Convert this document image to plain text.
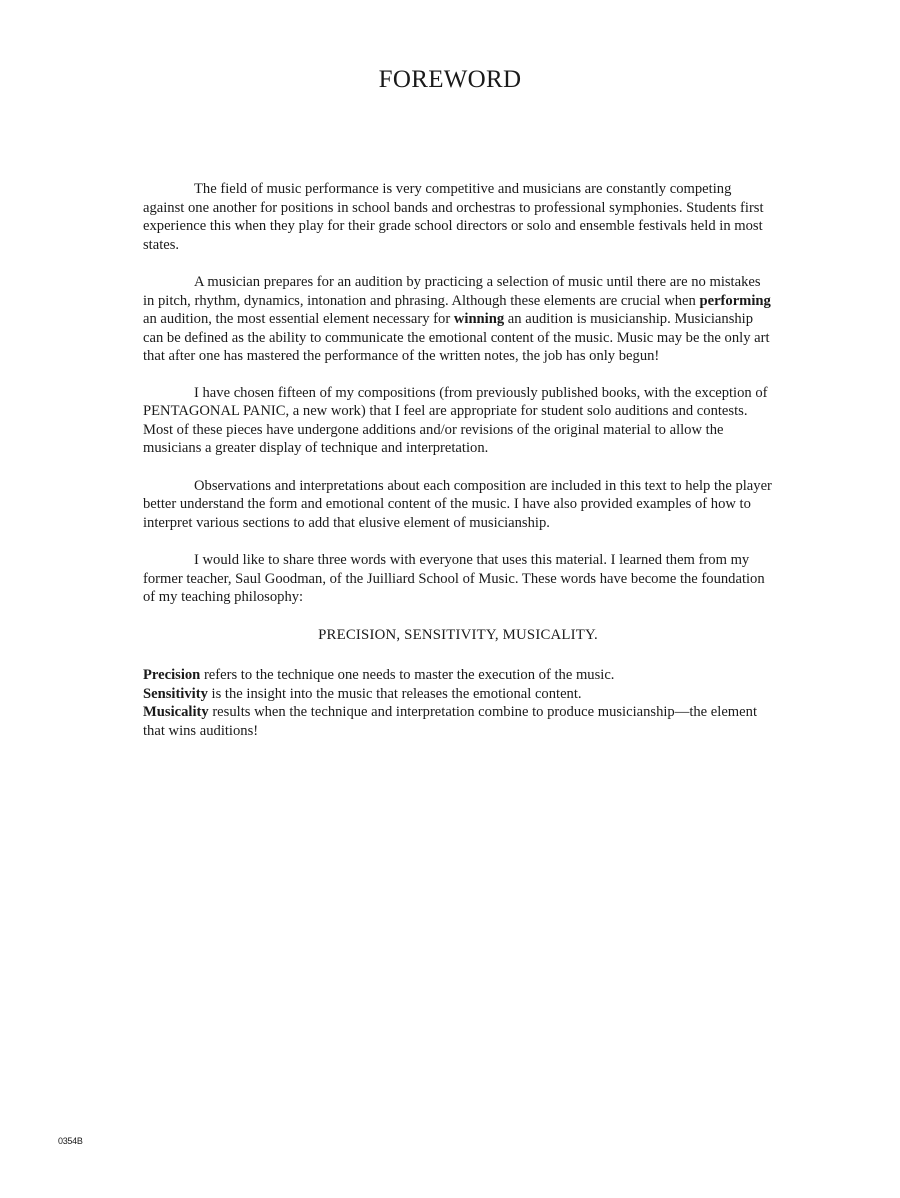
FOREWORD

The field of music performance is very competitive and musicians are constantly competing against one another for positions in school bands and orchestras to professional symphonies. Students first experience this when they play for their grade school directors or solo and ensemble festivals held in most states.

A musician prepares for an audition by practicing a selection of music until there are no mistakes in pitch, rhythm, dynamics, intonation and phrasing. Although these elements are crucial when performing an audition, the most essential element necessary for winning an audition is musicianship. Musicianship can be defined as the ability to communicate the emotional content of the music. Music may be the only art that after one has mastered the performance of the written notes, the job has only begun!

I have chosen fifteen of my compositions (from previously published books, with the exception of PENTAGONAL PANIC, a new work) that I feel are appropriate for student solo auditions and contests. Most of these pieces have undergone additions and/or revisions of the original material to allow the musicians a greater display of technique and interpretation.

Observations and interpretations about each composition are included in this text to help the player better understand the form and emotional content of the music. I have also provided examples of how to interpret various sections to add that elusive element of musicianship.

I would like to share three words with everyone that uses this material. I learned them from my former teacher, Saul Goodman, of the Juilliard School of Music. These words have become the foundation of my teaching philosophy:

PRECISION, SENSITIVITY, MUSICALITY.

Precision refers to the technique one needs to master the execution of the music.
Sensitivity is the insight into the music that releases the emotional content.
Musicality results when the technique and interpretation combine to produce musicianship—the element that wins auditions!

0354B
